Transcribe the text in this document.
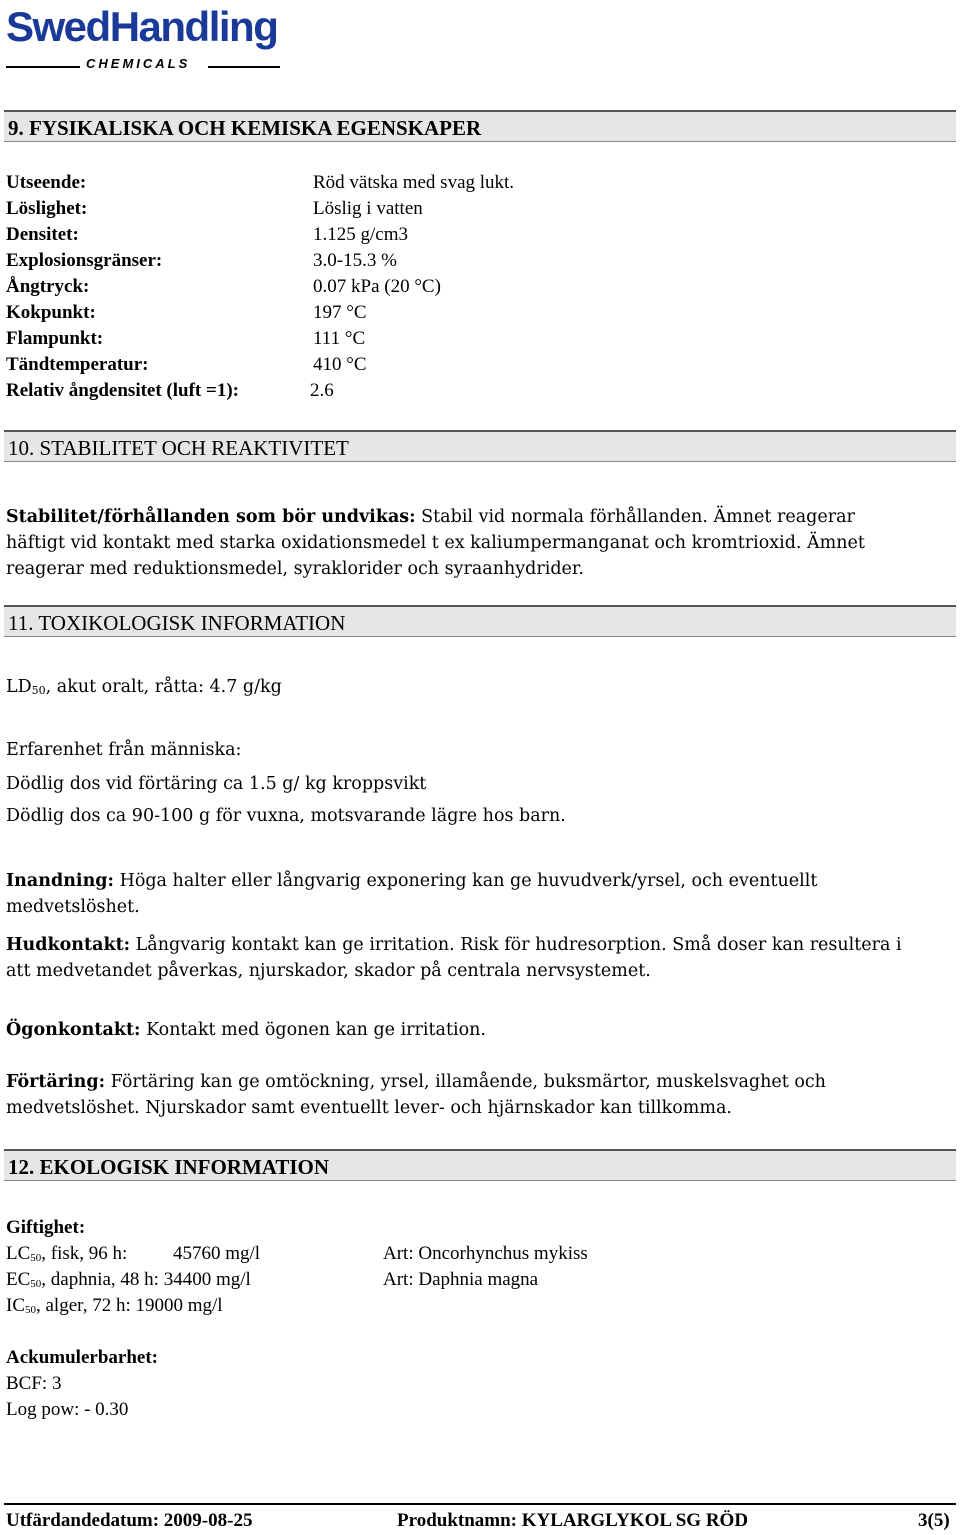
SwedHandling
CHEMICALS
9. FYSIKALISKA OCH KEMISKA EGENSKAPER
Utseende:	Röd vätska med svag lukt.
Löslighet:	Löslig i vatten
Densitet:	1.125 g/cm3
Explosionsgränser:	3.0-15.3 %
Ångtryck:	0.07 kPa (20 °C)
Kokpunkt:	197 °C
Flampunkt:	111 °C
Tändtemperatur:	410 °C
Relativ ångdensitet (luft =1):	2.6
10. STABILITET OCH REAKTIVITET
Stabilitet/förhållanden som bör undvikas: Stabil vid normala förhållanden. Ämnet reagerar häftigt vid kontakt med starka oxidationsmedel t ex kaliumpermanganat och kromtrioxid. Ämnet reagerar med reduktionsmedel, syraklorider och syraanhydrider.
11. TOXIKOLOGISK INFORMATION
$LD_{50}$, akut oralt, råtta: 4.7 g/kg
Erfarenhet från människa:
Dödlig dos vid förtäring ca 1.5 g/ kg kroppsvikt
Dödlig dos ca 90-100 g för vuxna, motsvarande lägre hos barn.
Inandning: Höga halter eller långvarig exponering kan ge huvudverk/yrsel, och eventuellt medvetslöshet.
Hudkontakt: Långvarig kontakt kan ge irritation. Risk för hudresorption. Små doser kan resultera i att medvetandet påverkas, njurskador, skador på centrala nervsystemet.
Ögonkontakt: Kontakt med ögonen kan ge irritation.
Förtäring: Förtäring kan ge omtöckning, yrsel, illamående, buksmärtor, muskelsvaghet och medvetslöshet. Njurskador samt eventuellt lever- och hjärnskador kan tillkomma.
12. EKOLOGISK INFORMATION
Giftighet:
$LC_{50}$, fisk, 96 h: 45760 mg/l	Art: Oncorhynchus mykiss
$EC_{50}$, daphnia, 48 h: 34400 mg/l	Art: Daphnia magna
$IC_{50}$, alger, 72 h: 19000 mg/l
Ackumulerbarhet:
BCF: 3
Log pow: - 0.30
Utfärdandedatum: 2009-08-25	Produktnamn: KYLARGLYKOL SG RÖD	3(5)
